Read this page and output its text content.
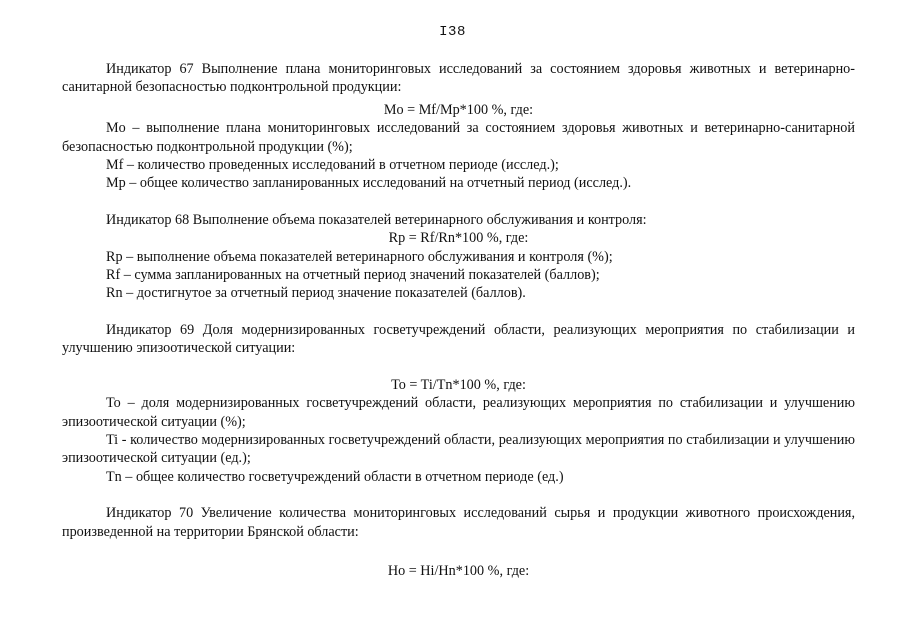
I38

Индикатор 67 Выполнение плана мониторинговых исследований за состоянием здоровья животных и ветеринарно-санитарной безопасностью подконтрольной продукции:

Mo = Mf/Mp*100 %, где:

Mo – выполнение плана мониторинговых исследований за состоянием здоровья животных и ветеринарно-санитарной безопасностью подконтрольной продукции (%);

Mf – количество проведенных исследований в отчетном периоде (исслед.);

Mp – общее количество запланированных исследований на отчетный период (исслед.).

Индикатор 68 Выполнение объема показателей ветеринарного обслуживания и контроля:

Rp = Rf/Rn*100 %, где:

Rp – выполнение объема показателей ветеринарного обслуживания и контроля (%);

Rf – сумма запланированных на отчетный период значений показателей (баллов);

Rn – достигнутое за отчетный период значение показателей (баллов).

Индикатор 69 Доля модернизированных госветучреждений области, реализующих мероприятия по стабилизации и улучшению эпизоотической ситуации:

To = Ti/Tn*100 %, где:

To – доля модернизированных госветучреждений области, реализующих мероприятия по стабилизации и улучшению эпизоотической ситуации (%);

Ti - количество модернизированных госветучреждений области, реализующих мероприятия по стабилизации и улучшению эпизоотической ситуации (ед.);

Tn – общее количество госветучреждений области в отчетном периоде (ед.)

Индикатор 70 Увеличение количества мониторинговых исследований сырья и продукции животного происхождения, произведенной на территории Брянской области:

Ho = Hi/Hn*100 %, где:
